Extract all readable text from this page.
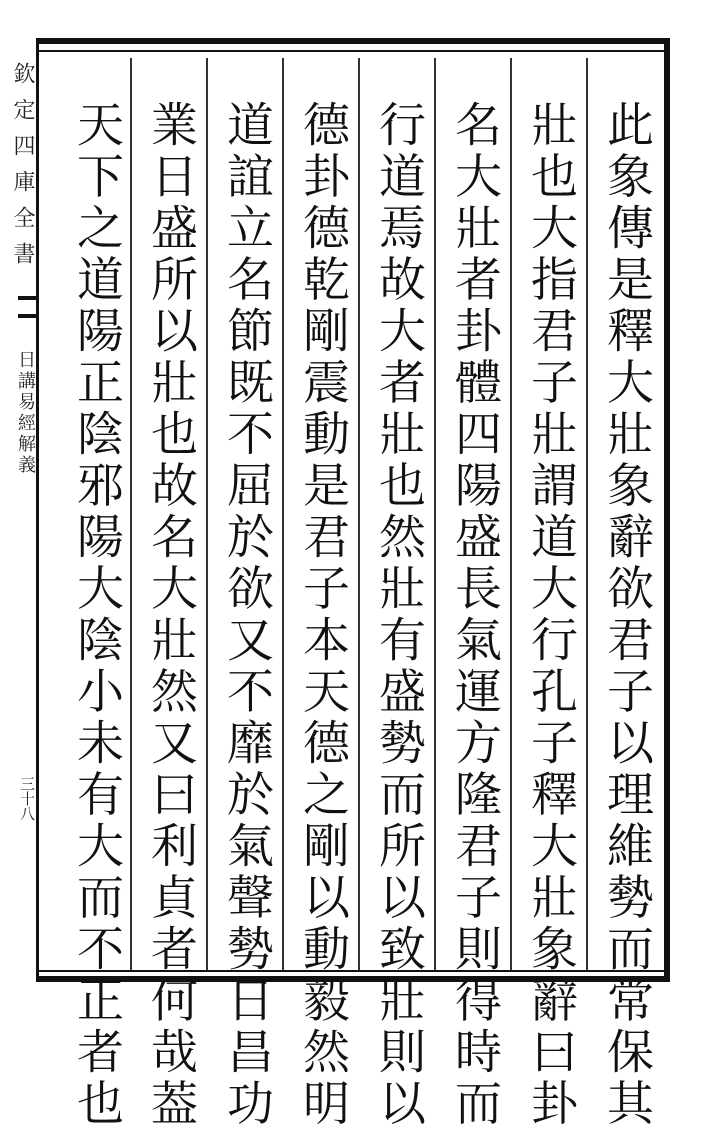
欽定四庫全書
日講易經解義
三十八	此象傳是釋大壯象辭欲君子以理維勢而常保其
壯也大指君子壯謂道大行孔子釋大壯象辭曰卦
名大壯者卦體四陽盛長氣運方隆君子則得時而
行道焉故大者壯也然壯有盛勢而所以致壯則以
德卦德乾剛震動是君子本天德之剛以動毅然明
道誼立名節既不屈於欲又不靡於氣聲勢日昌功
業日盛所以壯也故名大壯然又曰利貞者何哉葢
天下之道陽正陰邪陽大陰小未有大而不正者也
